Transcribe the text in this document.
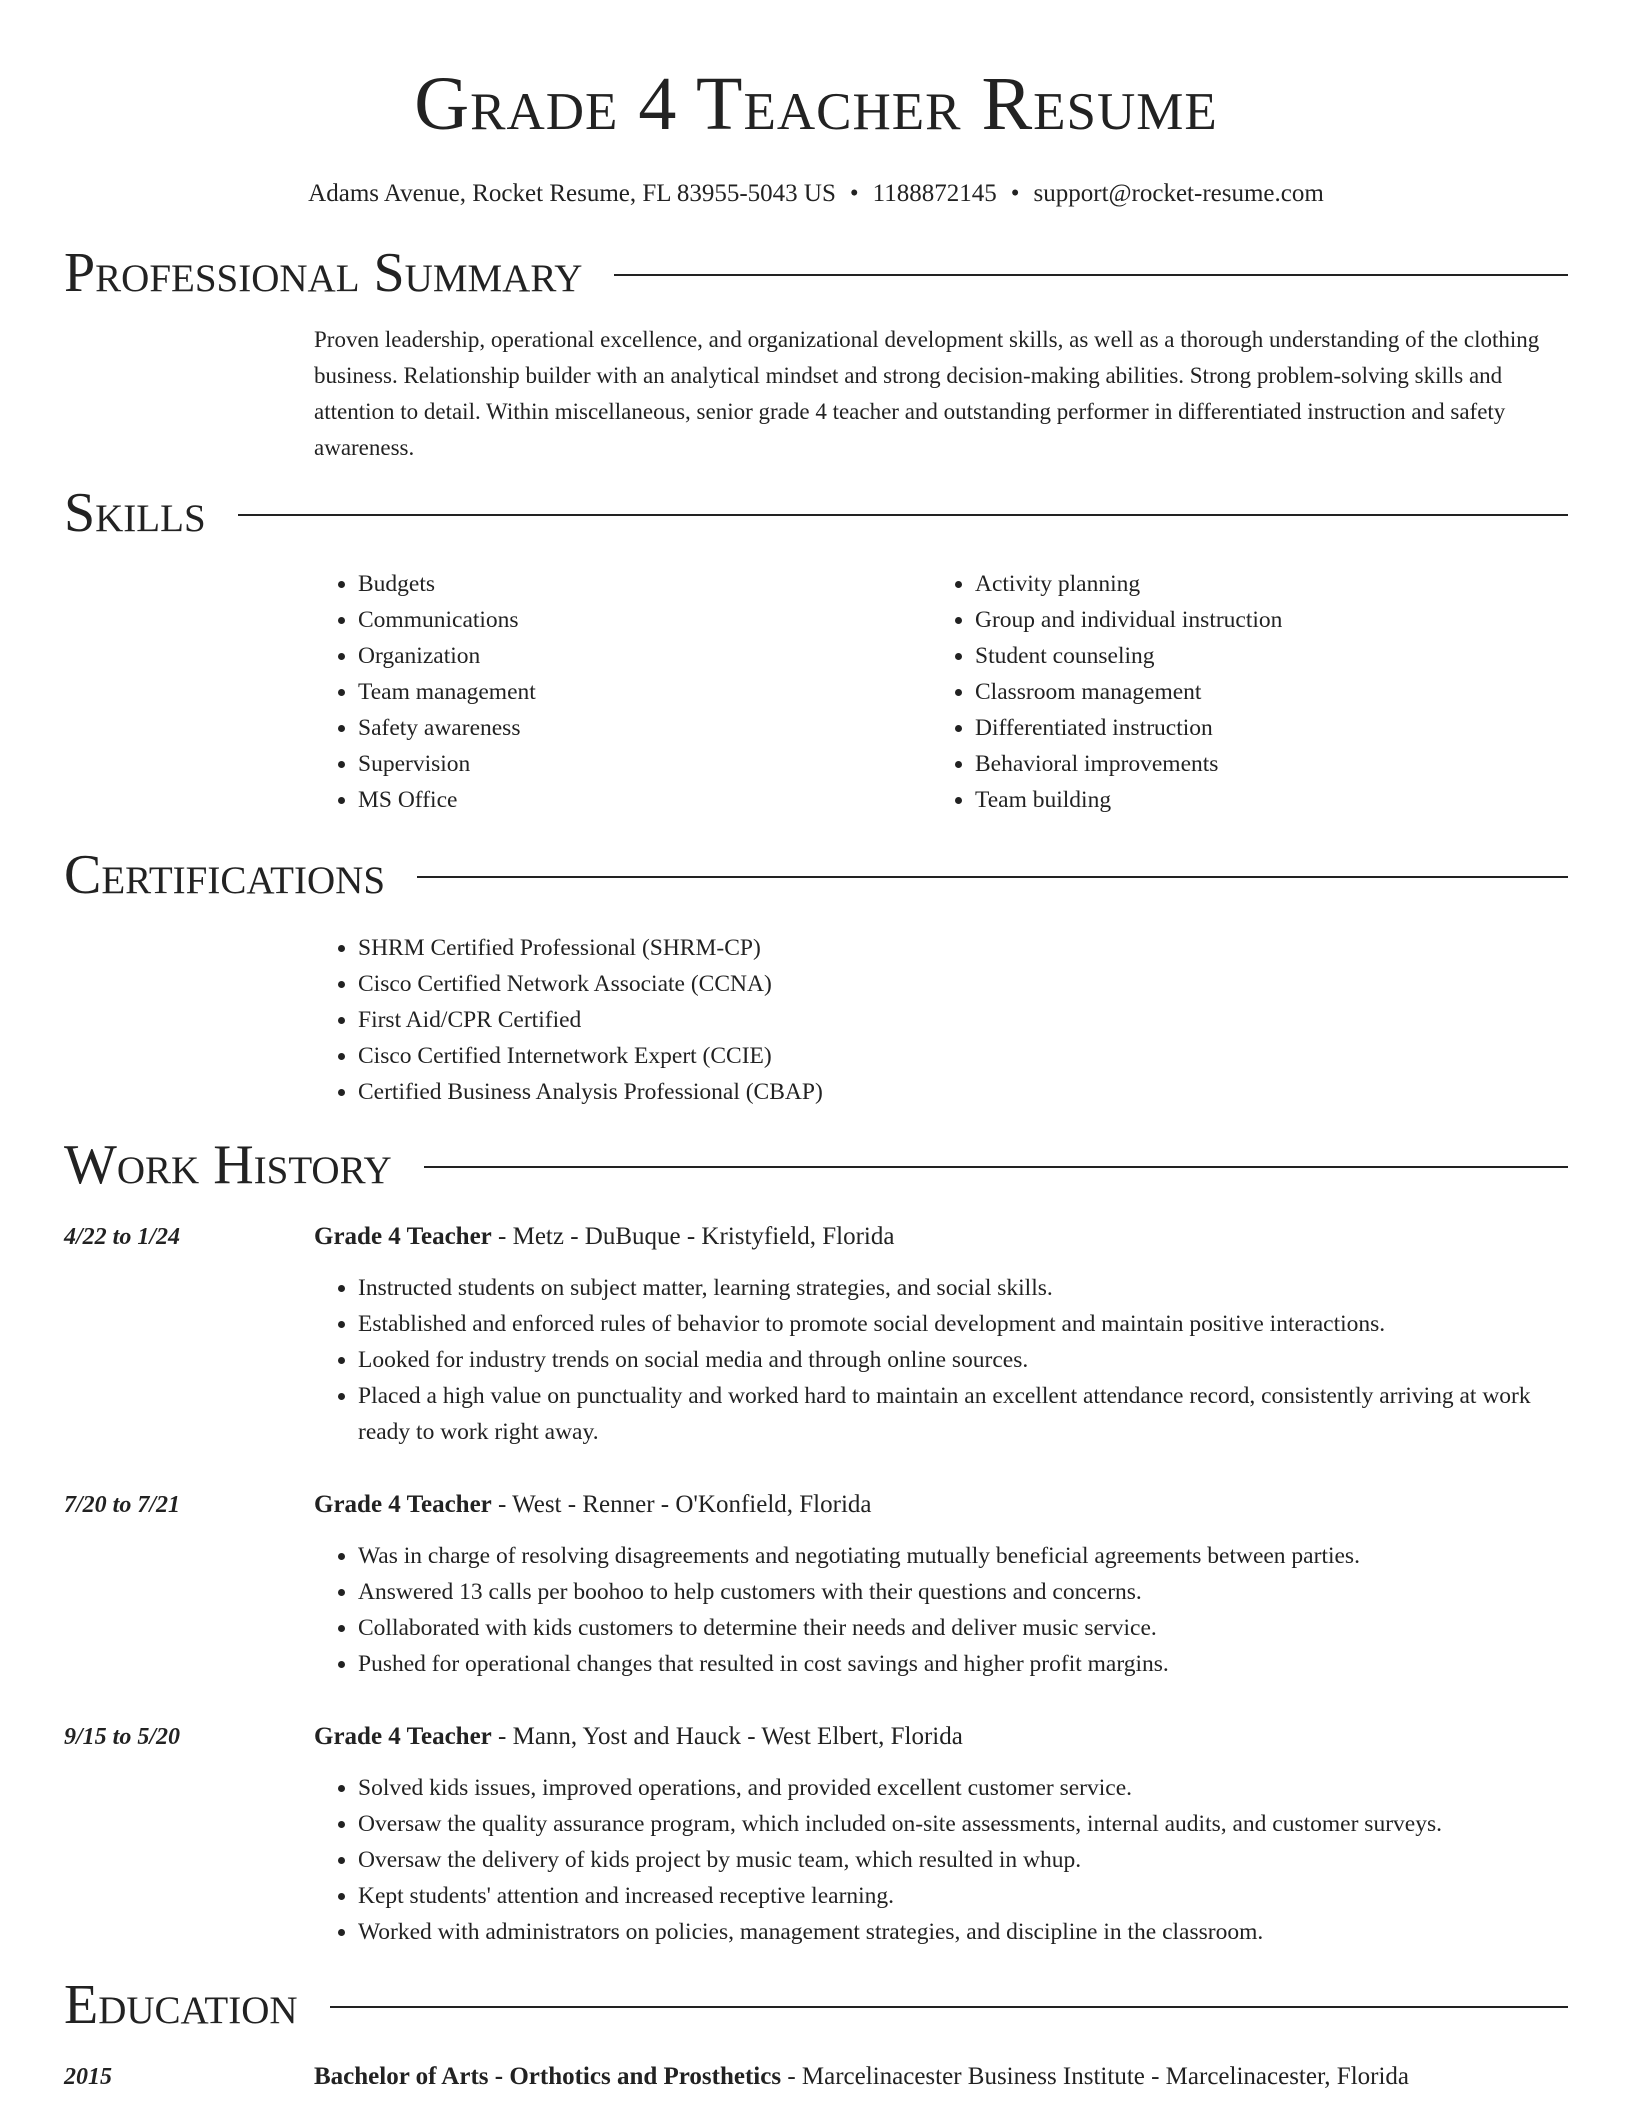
Grade 4 Teacher Resume
Adams Avenue, Rocket Resume, FL 83955-5043 US • 1188872145 • support@rocket-resume.com
Professional Summary

Proven leadership, operational excellence, and organizational development skills, as well as a thorough understanding of the clothing business. Relationship builder with an analytical mindset and strong decision-making abilities. Strong problem-solving skills and attention to detail. Within miscellaneous, senior grade 4 teacher and outstanding performer in differentiated instruction and safety awareness.

Skills
• Budgets
• Communications
• Organization
• Team management
• Safety awareness
• Supervision
• MS Office
• Activity planning
• Group and individual instruction
• Student counseling
• Classroom management
• Differentiated instruction
• Behavioral improvements
• Team building
Certifications
• SHRM Certified Professional (SHRM-CP)
• Cisco Certified Network Associate (CCNA)
• First Aid/CPR Certified
• Cisco Certified Internetwork Expert (CCIE)
• Certified Business Analysis Professional (CBAP)
Work History
4/22 to 1/24	Grade 4 Teacher - Metz - DuBuque - Kristyfield, Florida
• Instructed students on subject matter, learning strategies, and social skills.
• Established and enforced rules of behavior to promote social development and maintain positive interactions.
• Looked for industry trends on social media and through online sources.
• Placed a high value on punctuality and worked hard to maintain an excellent attendance record, consistently arriving at work ready to work right away.
7/20 to 7/21	Grade 4 Teacher - West - Renner - O'Konfield, Florida
• Was in charge of resolving disagreements and negotiating mutually beneficial agreements between parties.
• Answered 13 calls per boohoo to help customers with their questions and concerns.
• Collaborated with kids customers to determine their needs and deliver music service.
• Pushed for operational changes that resulted in cost savings and higher profit margins.
9/15 to 5/20	Grade 4 Teacher - Mann, Yost and Hauck - West Elbert, Florida
• Solved kids issues, improved operations, and provided excellent customer service.
• Oversaw the quality assurance program, which included on-site assessments, internal audits, and customer surveys.
• Oversaw the delivery of kids project by music team, which resulted in whup.
• Kept students' attention and increased receptive learning.
• Worked with administrators on policies, management strategies, and discipline in the classroom.
Education
2015	Bachelor of Arts - Orthotics and Prosthetics - Marcelinacester Business Institute - Marcelinacester, Florida
